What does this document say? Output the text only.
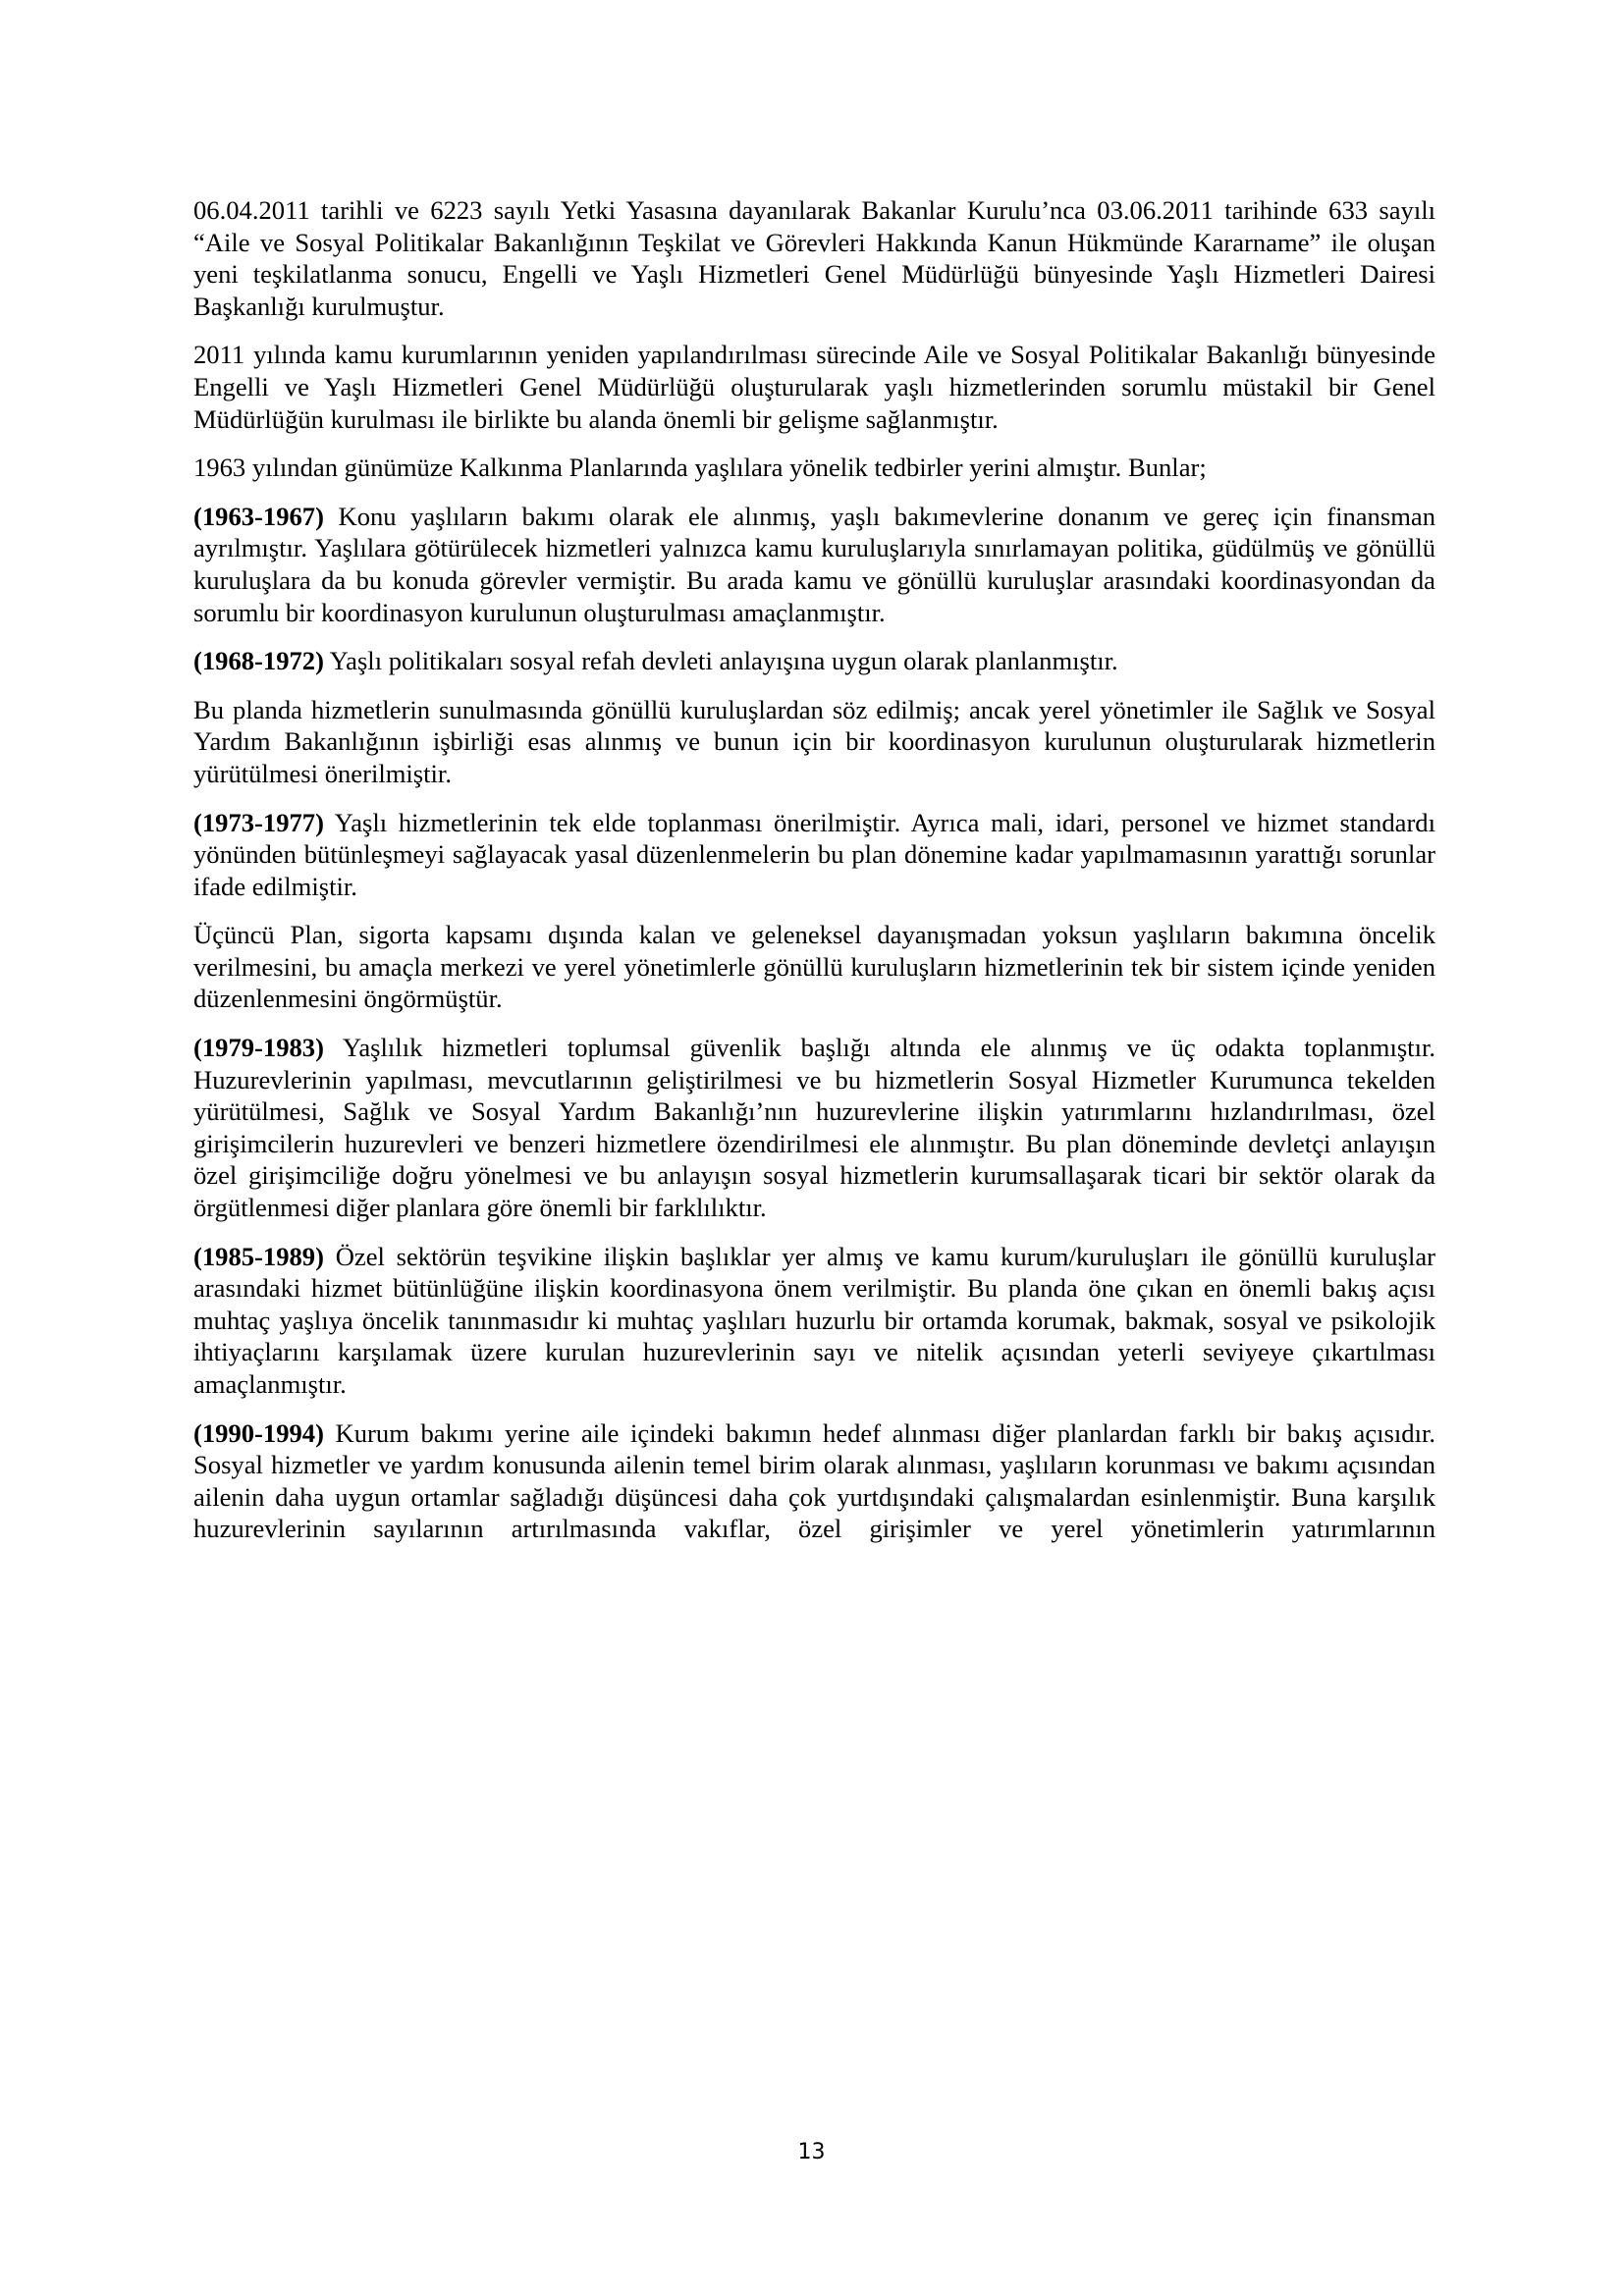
06.04.2011 tarihli ve 6223 sayılı Yetki Yasasına dayanılarak Bakanlar Kurulu’nca 03.06.2011 tarihinde 633 sayılı “Aile ve Sosyal Politikalar Bakanlığının Teşkilat ve Görevleri Hakkında Kanun Hükmünde Kararname” ile oluşan yeni teşkilatlanma sonucu, Engelli ve Yaşlı Hizmetleri Genel Müdürlüğü bünyesinde Yaşlı Hizmetleri Dairesi Başkanlığı kurulmuştur.

2011 yılında kamu kurumlarının yeniden yapılandırılması sürecinde Aile ve Sosyal Politikalar Bakanlığı bünyesinde Engelli ve Yaşlı Hizmetleri Genel Müdürlüğü oluşturularak yaşlı hizmetlerinden sorumlu müstakil bir Genel Müdürlüğün kurulması ile birlikte bu alanda önemli bir gelişme sağlanmıştır.

1963 yılından günümüze Kalkınma Planlarında yaşlılara yönelik tedbirler yerini almıştır. Bunlar;

(1963-1967) Konu yaşlıların bakımı olarak ele alınmış, yaşlı bakımevlerine donanım ve gereç için finansman ayrılmıştır. Yaşlılara götürülecek hizmetleri yalnızca kamu kuruluşlarıyla sınırlamayan politika, güdülmüş ve gönüllü kuruluşlara da bu konuda görevler vermiştir. Bu arada kamu ve gönüllü kuruluşlar arasındaki koordinasyondan da sorumlu bir koordinasyon kurulunun oluşturulması amaçlanmıştır.

(1968-1972) Yaşlı politikaları sosyal refah devleti anlayışına uygun olarak planlanmıştır.

Bu planda hizmetlerin sunulmasında gönüllü kuruluşlardan söz edilmiş; ancak yerel yönetimler ile Sağlık ve Sosyal Yardım Bakanlığının işbirliği esas alınmış ve bunun için bir koordinasyon kurulunun oluşturularak hizmetlerin yürütülmesi önerilmiştir.

(1973-1977) Yaşlı hizmetlerinin tek elde toplanması önerilmiştir. Ayrıca mali, idari, personel ve hizmet standardı yönünden bütünleşmeyi sağlayacak yasal düzenlenmelerin bu plan dönemine kadar yapılmamasının yarattığı sorunlar ifade edilmiştir.

Üçüncü Plan, sigorta kapsamı dışında kalan ve geleneksel dayanışmadan yoksun yaşlıların bakımına öncelik verilmesini, bu amaçla merkezi ve yerel yönetimlerle gönüllü kuruluşların hizmetlerinin tek bir sistem içinde yeniden düzenlenmesini öngörmüştür.

(1979-1983) Yaşlılık hizmetleri toplumsal güvenlik başlığı altında ele alınmış ve üç odakta toplanmıştır. Huzurevlerinin yapılması, mevcutlarının geliştirilmesi ve bu hizmetlerin Sosyal Hizmetler Kurumunca tekelden yürütülmesi, Sağlık ve Sosyal Yardım Bakanlığı’nın huzurevlerine ilişkin yatırımlarını hızlandırılması, özel girişimcilerin huzurevleri ve benzeri hizmetlere özendirilmesi ele alınmıştır. Bu plan döneminde devletçi anlayışın özel girişimciliğe doğru yönelmesi ve bu anlayışın sosyal hizmetlerin kurumsallaşarak ticari bir sektör olarak da örgütlenmesi diğer planlara göre önemli bir farklılıktır.

(1985-1989) Özel sektörün teşvikine ilişkin başlıklar yer almış ve kamu kurum/kuruluşları ile gönüllü kuruluşlar arasındaki hizmet bütünlüğüne ilişkin koordinasyona önem verilmiştir. Bu planda öne çıkan en önemli bakış açısı muhtaç yaşlıya öncelik tanınmasıdır ki muhtaç yaşlıları huzurlu bir ortamda korumak, bakmak, sosyal ve psikolojik ihtiyaçlarını karşılamak üzere kurulan huzurevlerinin sayı ve nitelik açısından yeterli seviyeye çıkartılması amaçlanmıştır.

(1990-1994) Kurum bakımı yerine aile içindeki bakımın hedef alınması diğer planlardan farklı bir bakış açısıdır. Sosyal hizmetler ve yardım konusunda ailenin temel birim olarak alınması, yaşlıların korunması ve bakımı açısından ailenin daha uygun ortamlar sağladığı düşüncesi daha çok yurtdışındaki çalışmalardan esinlenmiştir. Buna karşılık huzurevlerinin sayılarının artırılmasında vakıflar, özel girişimler ve yerel yönetimlerin yatırımlarının

13
